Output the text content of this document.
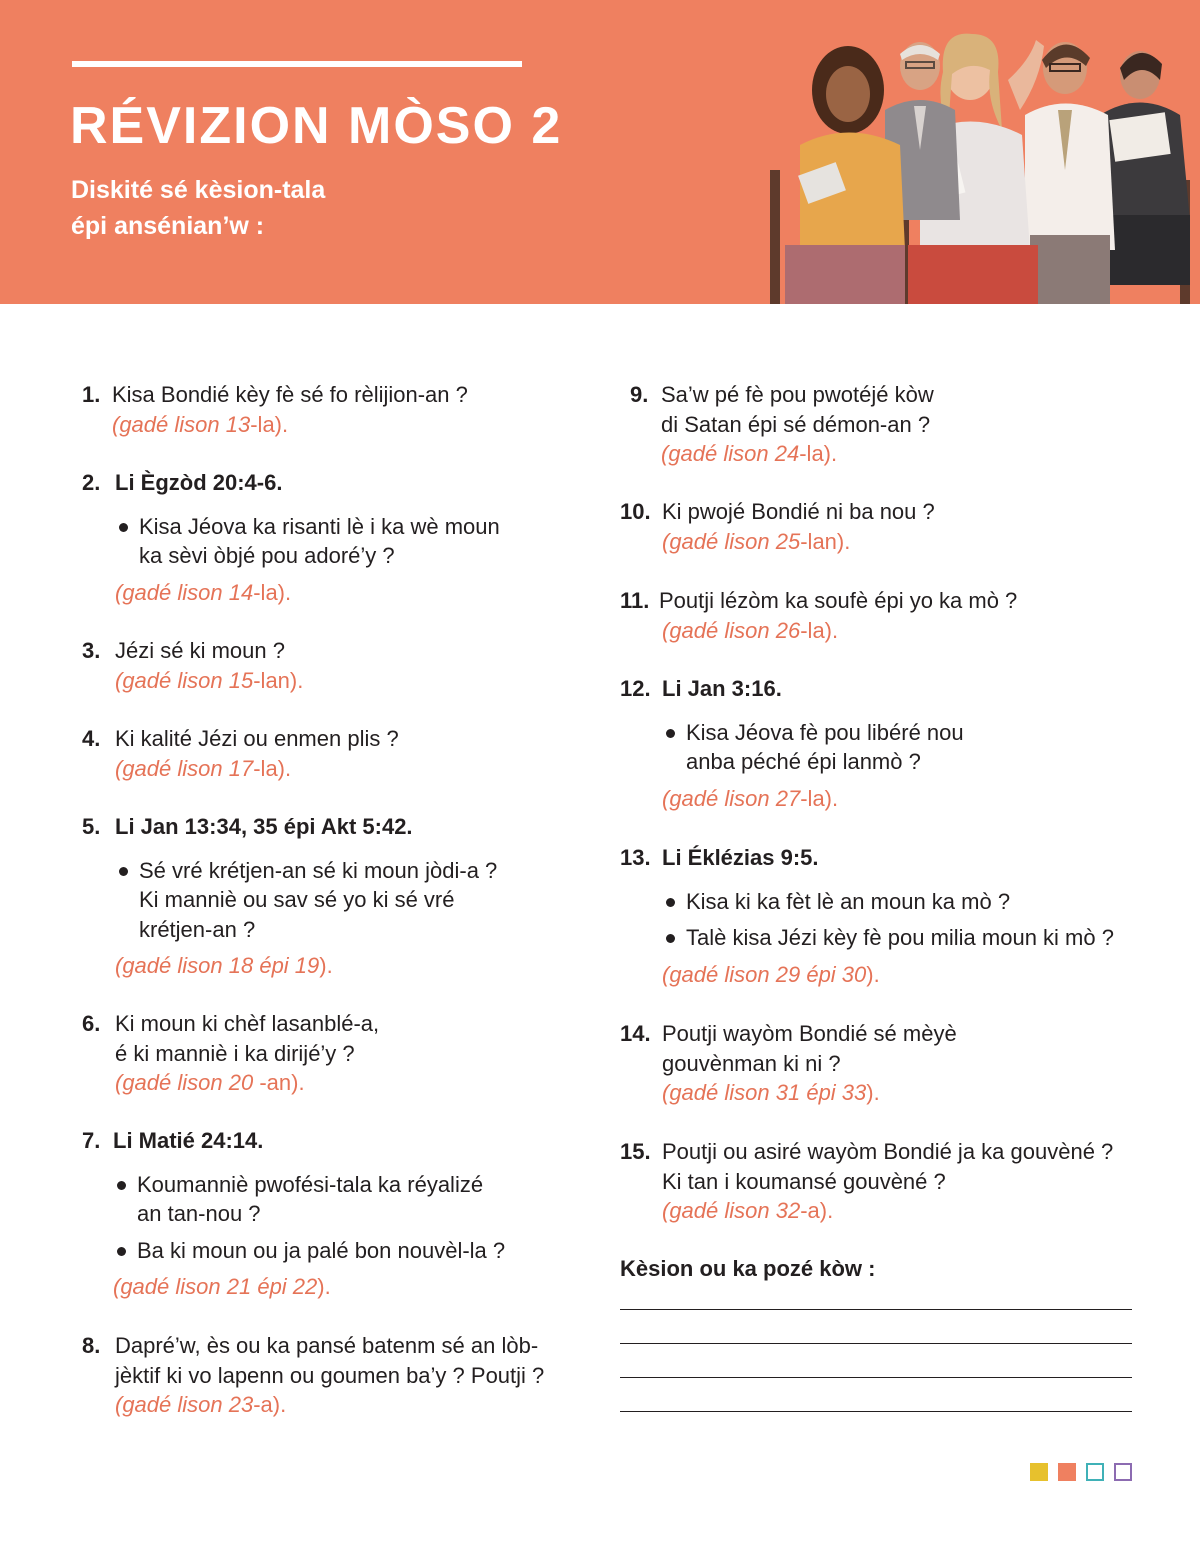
RÉVIZION MÒSO 2
Diskité sé kèsion-tala
épi ansénian’w :
1. Kisa Bondié kèy fè sé fo rèlijion-an ?
(gadé lison 13-la).
2. Li Ègzòd 20:4-6.
Kisa Jéova ka risanti lè i ka wè moun
ka sèvi òbjé pou adoré’y ?
(gadé lison 14-la).
3. Jézi sé ki moun ?
(gadé lison 15-lan).
4. Ki kalité Jézi ou enmen plis ?
(gadé lison 17-la).
5. Li Jan 13:34, 35 épi Akt 5:42.
Sé vré krétjen-an sé ki moun jòdi-a ?
Ki manniè ou sav sé yo ki sé vré
krétjen-an ?
(gadé lison 18 épi 19).
6. Ki moun ki chèf lasanblé-a,
é ki manniè i ka dirijé’y ?
(gadé lison 20 -an).
7. Li Matié 24:14.
Koumanniè pwofési-tala ka réyalizé
an tan-nou ?
Ba ki moun ou ja palé bon nouvèl-la ?
(gadé lison 21 épi 22).
8. Dapré’w, ès ou ka pansé batenm sé an lòb-
jèktif ki vo lapenn ou goumen ba’y ? Poutji ?
(gadé lison 23-a).
9. Sa’w pé fè pou pwotéjé kòw
di Satan épi sé démon-an ?
(gadé lison 24-la).
10. Ki pwojé Bondié ni ba nou ?
(gadé lison 25-lan).
11. Poutji lézòm ka soufè épi yo ka mò ?
(gadé lison 26-la).
12. Li Jan 3:16.
Kisa Jéova fè pou libéré nou
anba péché épi lanmò ?
(gadé lison 27-la).
13. Li Éklézias 9:5.
Kisa ki ka fèt lè an moun ka mò ?
Talè kisa Jézi kèy fè pou milia moun ki mò ?
(gadé lison 29 épi 30).
14. Poutji wayòm Bondié sé mèyè
gouvènman ki ni ?
(gadé lison 31 épi 33).
15. Poutji ou asiré wayòm Bondié ja ka gouvèné ?
Ki tan i koumansé gouvèné ?
(gadé lison 32-a).
Kèsion ou ka pozé kòw :
